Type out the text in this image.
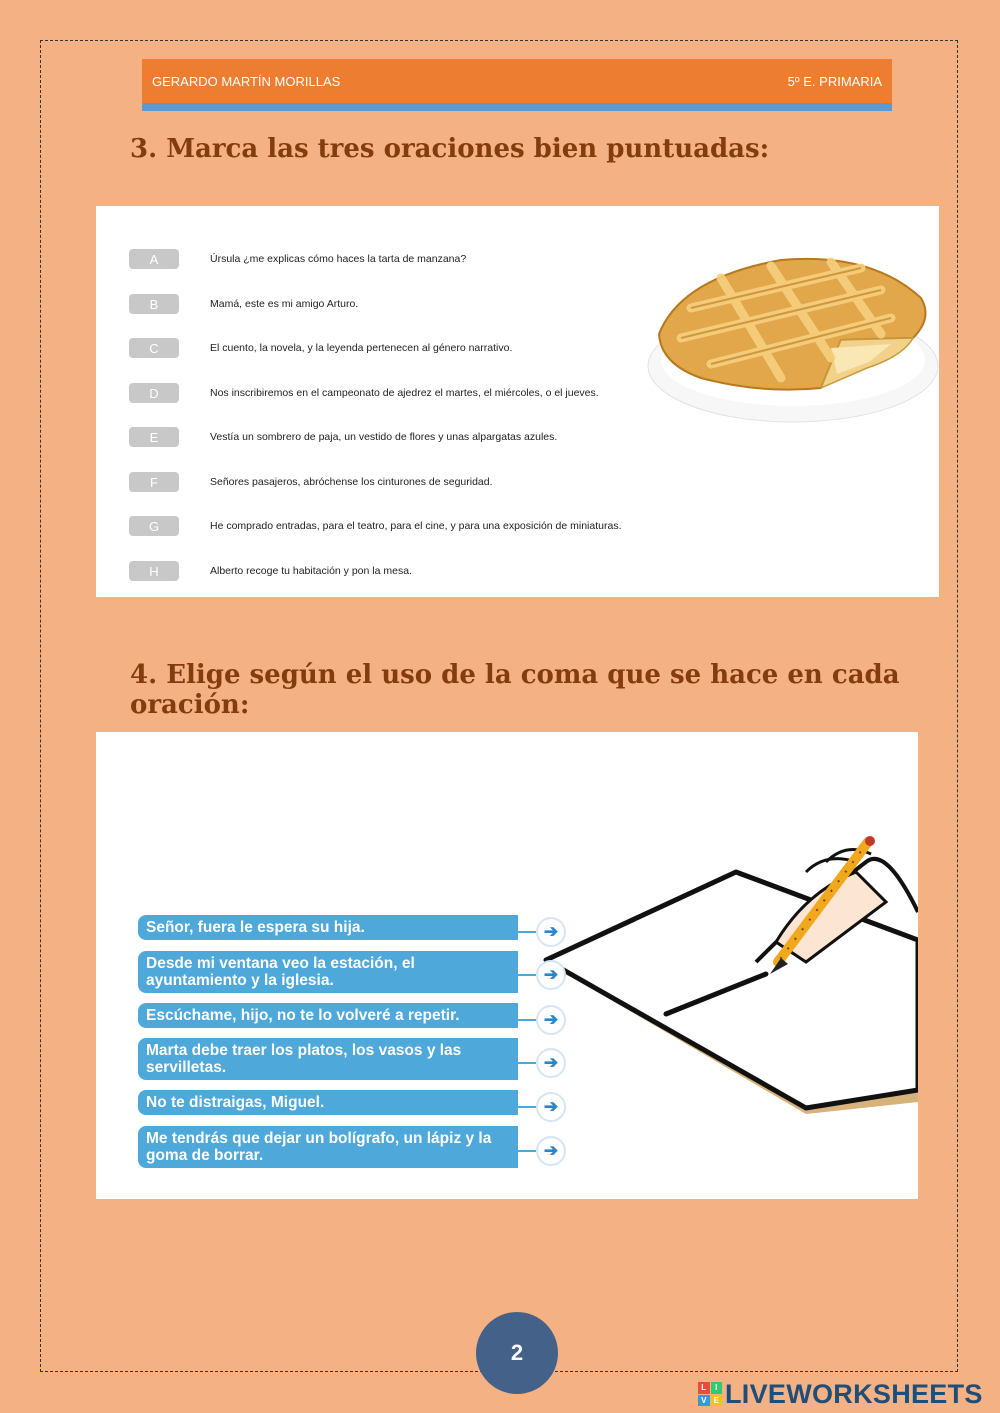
GERARDO MARTÍN MORILLAS	5º E. PRIMARIA
3. Marca las tres oraciones bien puntuadas:
A	Úrsula ¿me explicas cómo haces la tarta de manzana?
B	Mamá, este es mi amigo Arturo.
C	El cuento, la novela, y la leyenda pertenecen al género narrativo.
D	Nos inscribiremos en el campeonato de ajedrez el martes, el miércoles, o el jueves.
E	Vestía un sombrero de paja, un vestido de flores y unas alpargatas azules.
F	Señores pasajeros, abróchense los cinturones de seguridad.
G	He comprado entradas, para el teatro, para el cine, y para una exposición de miniaturas.
H	Alberto recoge tu habitación y pon la mesa.
4. Elige según el uso de la coma que se hace en cada oración:
Señor, fuera le espera su hija.	➔
Desde mi ventana veo la estación, el ayuntamiento y la iglesia.	➔
Escúchame, hijo, no te lo volveré a repetir.	➔
Marta debe traer los platos, los vasos y las servilletas.	➔
No te distraigas, Miguel.	➔
Me tendrás que dejar un bolígrafo, un lápiz y la goma de borrar.	➔
2
L	I
V E LIVEWORKSHEETS
